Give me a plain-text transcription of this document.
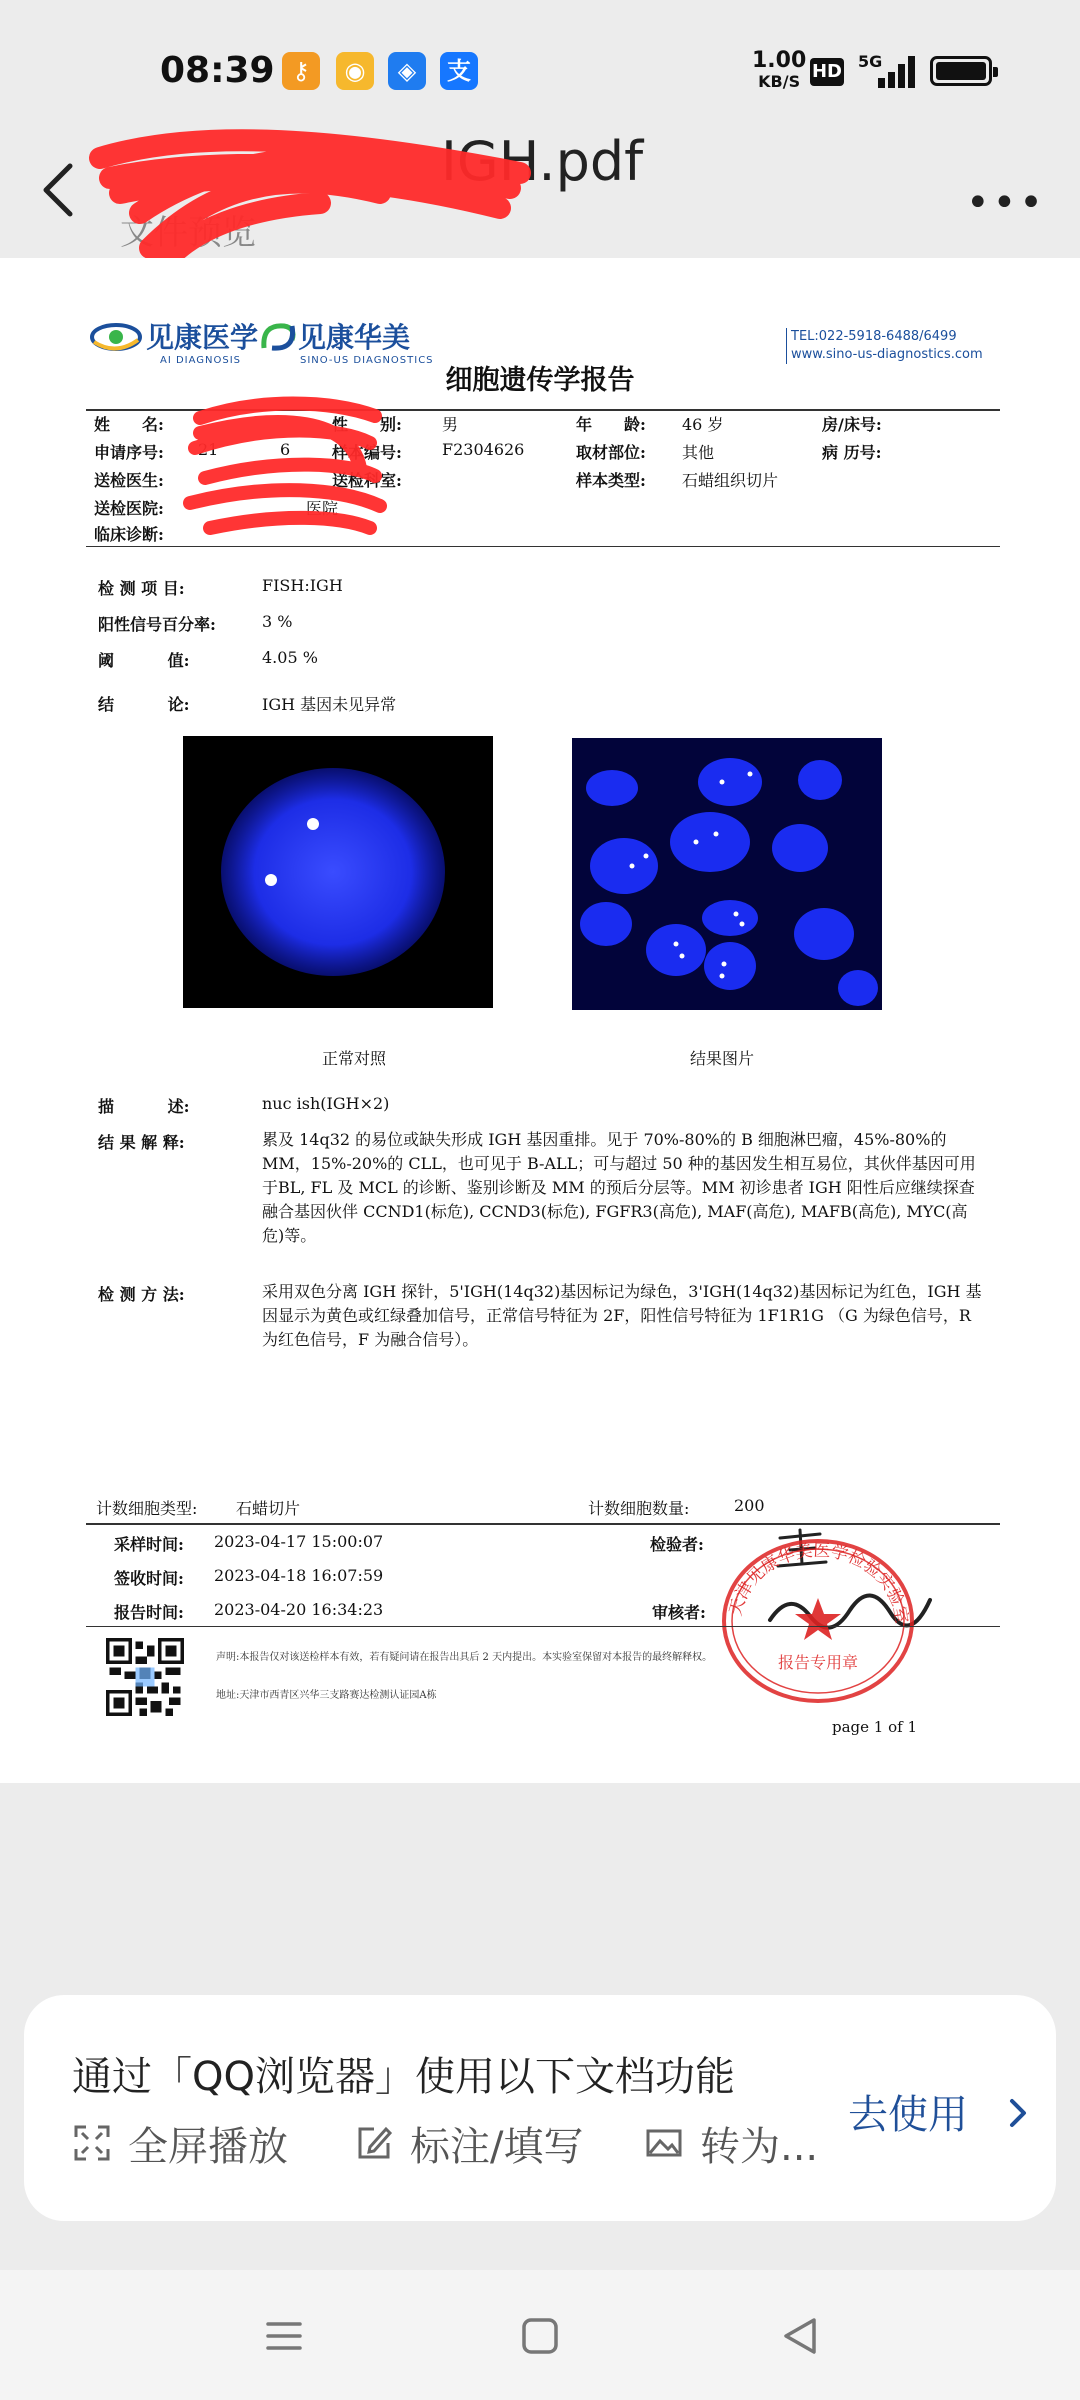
08:39 ⚷	◉	◈	支	1.00
KB/S HD 5G
文件预览
IGH.pdf
•••
见康医学
AI DIAGNOSIS
见康华美
SINO-US DIAGNOSTICS
TEL:022-5918-6488/6499
www.sino-us-diagnostics.com
细胞遗传学报告
姓　　名:	性　　别:	男	年　　龄: 46 岁	房/床号:
申请序号: 21	6	样本编号:	F2304626	取材部位: 其他	病 历号:
送检医生:	送检科室:	样本类型: 石蜡组织切片
送检医院:	医院
临床诊断:
检 测 项 目:	FISH:IGH
阳性信号百分率:	3 %
阈　　　 值:	4.05 %
结　　　 论:	IGH 基因未见异常
正常对照	结果图片
描　　　 述:	nuc ish(IGH×2)
结 果 解 释:	累及 14q32 的易位或缺失形成 IGH 基因重排。见于 70%-80%的 B 细胞淋巴瘤，45%-80%的 MM，15%-20%的 CLL，也可见于 B-ALL；可与超过 50 种的基因发生相互易位，其伙伴基因可用于BL, FL 及 MCL 的诊断、鉴别诊断及 MM 的预后分层等。MM 初诊患者 IGH 阳性后应继续探查融合基因伙伴 CCND1(标危), CCND3(标危), FGFR3(高危), MAF(高危), MAFB(高危), MYC(高危)等。
检 测 方 法:	采用双色分离 IGH 探针，5'IGH(14q32)基因标记为绿色，3'IGH(14q32)基因标记为红色，IGH 基因显示为黄色或红绿叠加信号，正常信号特征为 2F，阳性信号特征为 1F1R1G （G 为绿色信号，R 为红色信号，F 为融合信号）。
计数细胞类型: 石蜡切片	计数细胞数量:	200
采样时间: 2023-04-17 15:00:07
签收时间: 2023-04-18 16:07:59
报告时间: 2023-04-20 16:34:23
检验者:
审核者: 天津见康华美医学检验实验室
报告专用章
声明:本报告仅对该送检样本有效，若有疑问请在报告出具后 2 天内提出。本实验室保留对本报告的最终解释权。
地址:天津市西青区兴华三支路赛达检测认证园A栋
page 1 of 1
通过「QQ浏览器」使用以下文档功能
全屏播放	标注/填写	转为...
去使用
